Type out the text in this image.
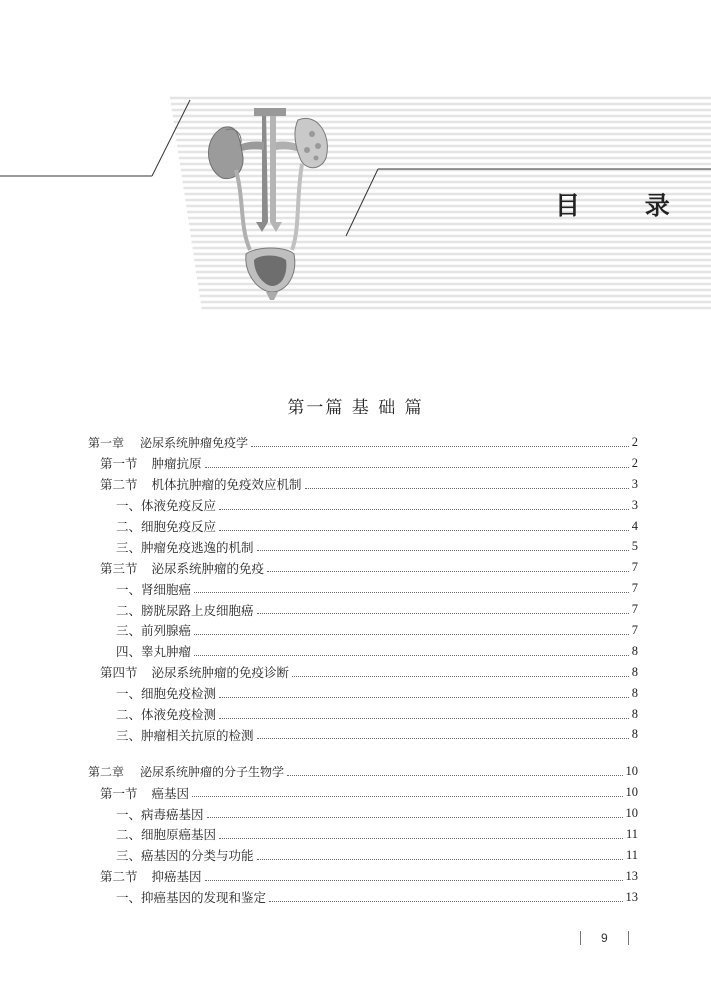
目 录
第一篇 基 础 篇
第一章 泌尿系统肿瘤免疫学	2
第一节 肿瘤抗原	2
第二节 机体抗肿瘤的免疫效应机制	3
一、体液免疫反应	3
二、细胞免疫反应	4
三、肿瘤免疫逃逸的机制	5
第三节 泌尿系统肿瘤的免疫	7
一、肾细胞癌	7
二、膀胱尿路上皮细胞癌	7
三、前列腺癌	7
四、睾丸肿瘤	8
第四节 泌尿系统肿瘤的免疫诊断	8
一、细胞免疫检测	8
二、体液免疫检测	8
三、肿瘤相关抗原的检测	8
第二章 泌尿系统肿瘤的分子生物学	10
第一节 癌基因	10
一、病毒癌基因	10
二、细胞原癌基因	11
三、癌基因的分类与功能	11
第二节 抑癌基因	13
一、抑癌基因的发现和鉴定	13
9
